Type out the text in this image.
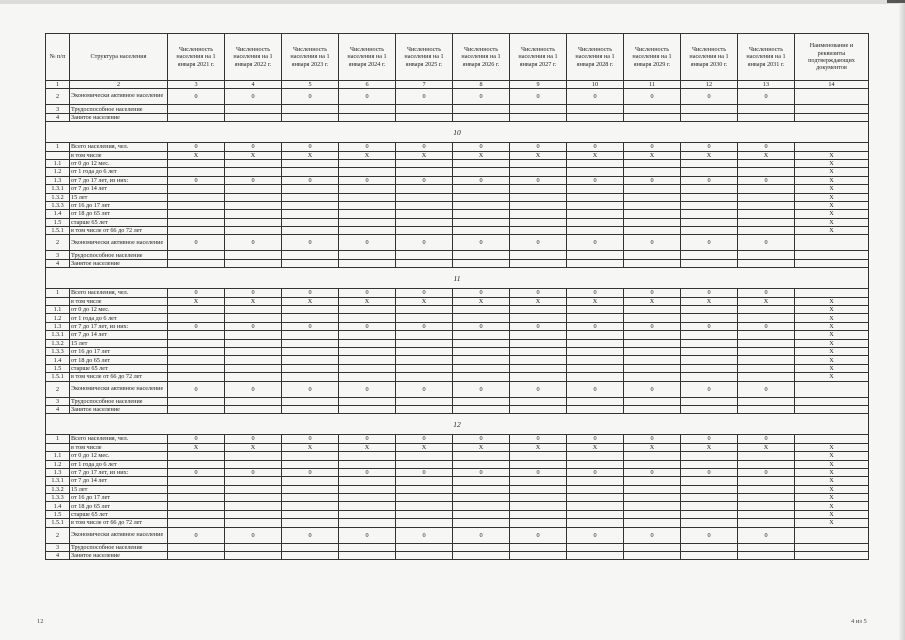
№ п/п	Структура населения	Численность населения на 1 января 2021 г.	Численность населения на 1 января 2022 г.	Численность населения на 1 января 2023 г.	Численность населения на 1 января 2024 г.	Численность населения на 1 января 2025 г.	Численность населения на 1 января 2026 г.	Численность населения на 1 января 2027 г.	Численность населения на 1 января 2028 г.	Численность населения на 1 января 2029 г.	Численность населения на 1 января 2030 г.	Численность населения на 1 января 2031 г.	Наименование и реквизиты подтверждающих документов
1	2	3	4	5	6	7	8	9	10	11	12	13	14
2	Экономически активное население	0	0	0	0	0	0	0	0	0	0	0	
3	Трудоспособное население												
4	Занятое население												
10													
1	Всего населения, чел.	0	0	0	0	0	0	0	0	0	0	0	
	в том числе	X	X	X	X	X	X	X	X	X	X	X	X
1.1	от 0 до 12 мес.												X
1.2	от 1 года до 6 лет												X
1.3	от 7 до 17 лет, из них:	0	0	0	0	0	0	0	0	0	0	0	X
1.3.1	от 7 до 14 лет												X
1.3.2	15 лет												X
1.3.3	от 16 до 17 лет												X
1.4	от 18 до 65 лет												X
1.5	старше 65 лет												X
1.5.1	в том числе от 66 до 72 лет												X
2	Экономически активное население	0	0	0	0	0	0	0	0	0	0	0	
3	Трудоспособное население												
4	Занятое население												
11													
1	Всего населения, чел.	0	0	0	0	0	0	0	0	0	0	0	
	в том числе	X	X	X	X	X	X	X	X	X	X	X	X
1.1	от 0 до 12 мес.												X
1.2	от 1 года до 6 лет												X
1.3	от 7 до 17 лет, из них:	0	0	0	0	0	0	0	0	0	0	0	X
1.3.1	от 7 до 14 лет												X
1.3.2	15 лет												X
1.3.3	от 16 до 17 лет												X
1.4	от 18 до 65 лет												X
1.5	старше 65 лет												X
1.5.1	в том числе от 66 до 72 лет												X
2	Экономически активное население	0	0	0	0	0	0	0	0	0	0	0	
3	Трудоспособное население												
4	Занятое население												
12													
1	Всего населения, чел.	0	0	0	0	0	0	0	0	0	0	0	
	в том числе	X	X	X	X	X	X	X	X	X	X	X	X
1.1	от 0 до 12 мес.												X
1.2	от 1 года до 6 лет												X
1.3	от 7 до 17 лет, из них:	0	0	0	0	0	0	0	0	0	0	0	X
1.3.1	от 7 до 14 лет												X
1.3.2	15 лет												X
1.3.3	от 16 до 17 лет												X
1.4	от 18 до 65 лет												X
1.5	старше 65 лет												X
1.5.1	в том числе от 66 до 72 лет												X
2	Экономически активное население	0	0	0	0	0	0	0	0	0	0	0	
3	Трудоспособное население												
4	Занятое население												
12	4 из 5
